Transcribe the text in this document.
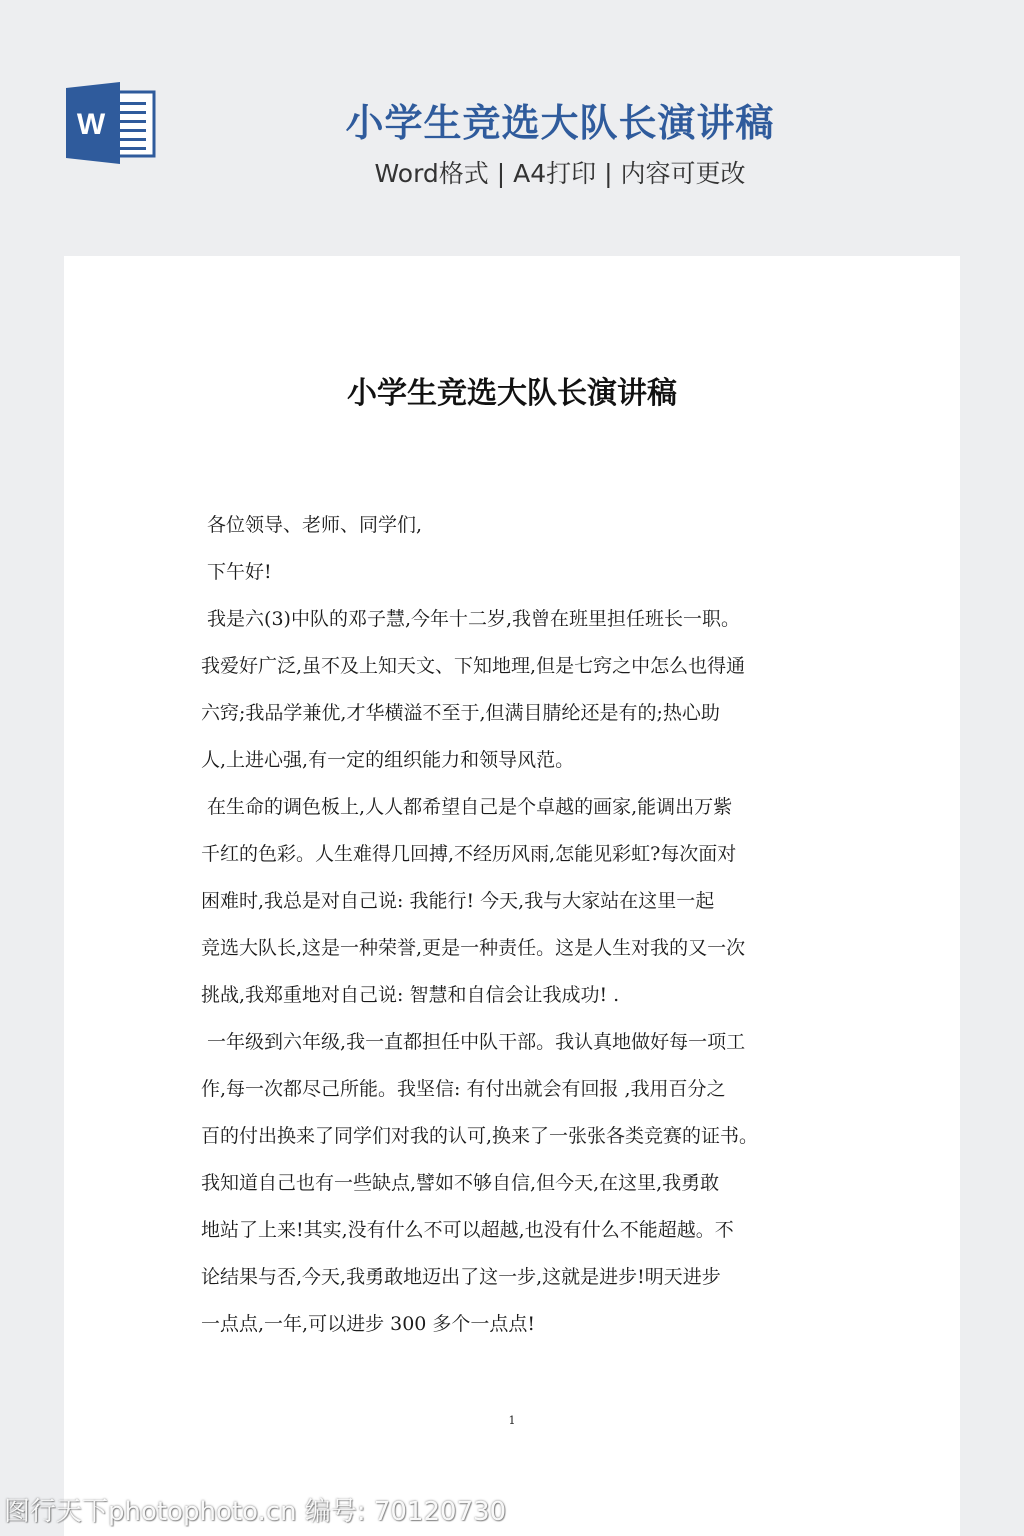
W	小学生竞选大队长演讲稿
Word格式 | A4打印 | 内容可更改
小学生竞选大队长演讲稿
各位领导、老师、同学们,
下午好!
我是六(3)中队的邓子慧,今年十二岁,我曾在班里担任班长一职。
我爱好广泛,虽不及上知天文、下知地理,但是七窍之中怎么也得通
六窍;我品学兼优,才华横溢不至于,但满目腈纶还是有的;热心助
人,上进心强,有一定的组织能力和领导风范。
在生命的调色板上,人人都希望自己是个卓越的画家,能调出万紫
千红的色彩。人生难得几回搏,不经历风雨,怎能见彩虹?每次面对
困难时,我总是对自己说: 我能行! 今天,我与大家站在这里一起
竞选大队长,这是一种荣誉,更是一种责任。这是人生对我的又一次
挑战,我郑重地对自己说: 智慧和自信会让我成功! .
一年级到六年级,我一直都担任中队干部。我认真地做好每一项工
作,每一次都尽己所能。我坚信: 有付出就会有回报 ,我用百分之
百的付出换来了同学们对我的认可,换来了一张张各类竞赛的证书。
我知道自己也有一些缺点,譬如不够自信,但今天,在这里,我勇敢
地站了上来!其实,没有什么不可以超越,也没有什么不能超越。不
论结果与否,今天,我勇敢地迈出了这一步,这就是进步!明天进步
一点点,一年,可以进步 300 多个一点点!
1
图行天下photophoto.cn 编号: 70120730
